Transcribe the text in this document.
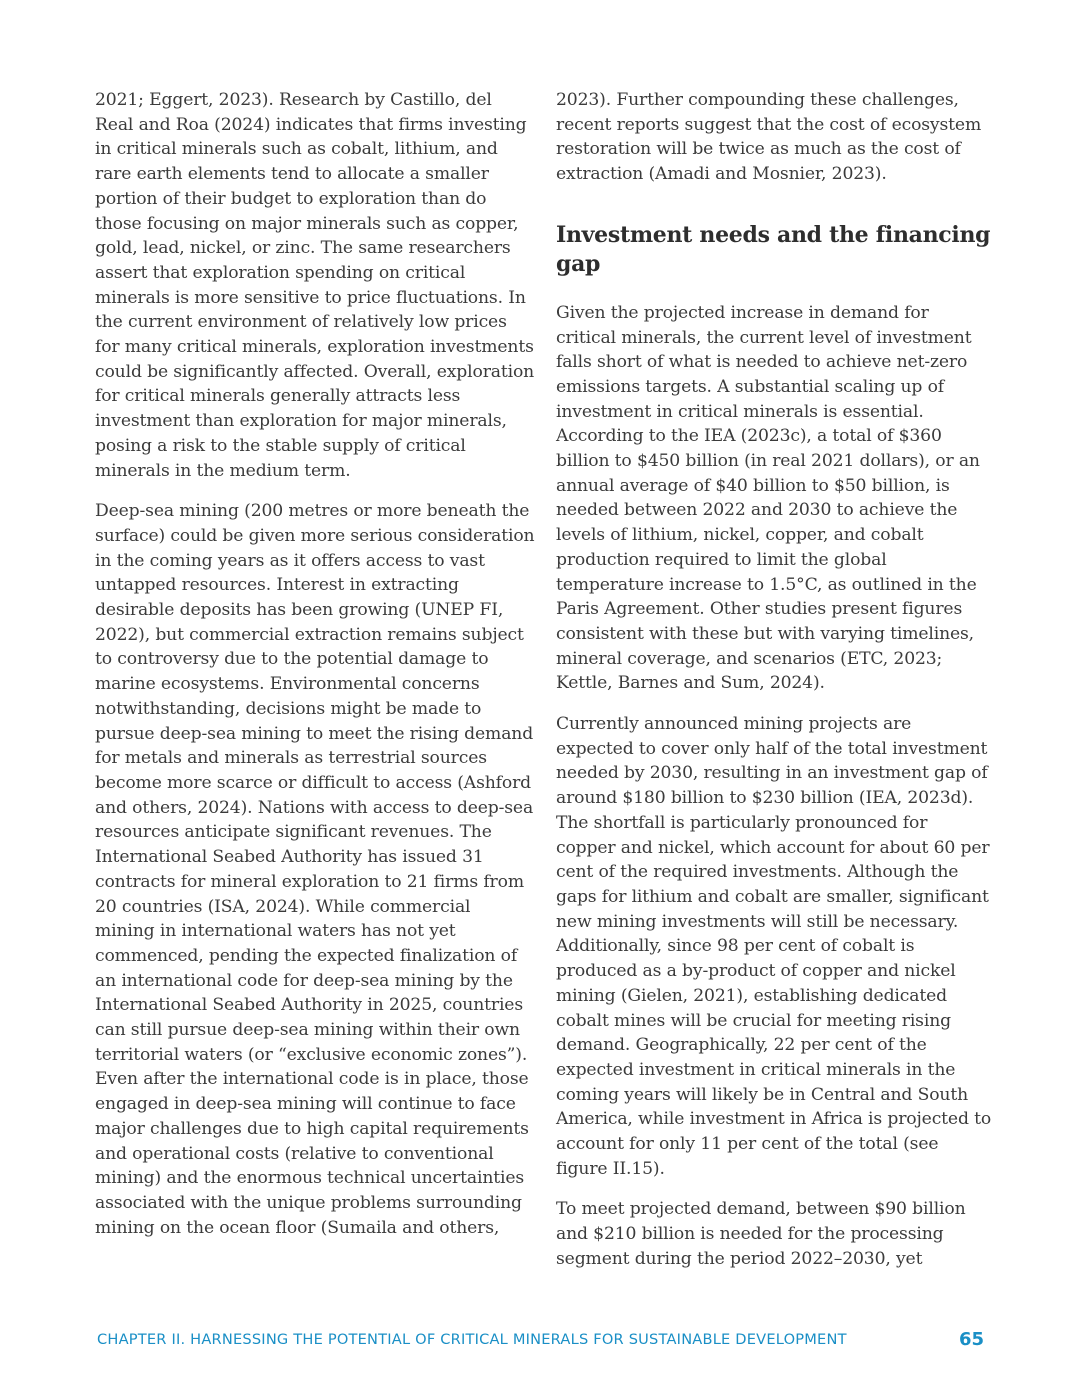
2021; Eggert, 2023). Research by Castillo, del Real and Roa (2024) indicates that firms investing in critical minerals such as cobalt, lithium, and rare earth elements tend to allocate a smaller portion of their budget to exploration than do those focusing on major minerals such as copper, gold, lead, nickel, or zinc. The same researchers assert that exploration spending on critical minerals is more sensitive to price fluctuations. In the current environment of relatively low prices for many critical minerals, exploration investments could be significantly affected. Overall, exploration for critical minerals generally attracts less investment than exploration for major minerals, posing a risk to the stable supply of critical minerals in the medium term.

Deep-sea mining (200 metres or more beneath the surface) could be given more serious consideration in the coming years as it offers access to vast untapped resources. Interest in extracting desirable deposits has been growing (UNEP FI, 2022), but commercial extraction remains subject to controversy due to the potential damage to marine ecosystems. Environmental concerns notwithstanding, decisions might be made to pursue deep-sea mining to meet the rising demand for metals and minerals as terrestrial sources become more scarce or difficult to access (Ashford and others, 2024). Nations with access to deep-sea resources anticipate significant revenues. The International Seabed Authority has issued 31 contracts for mineral exploration to 21 firms from 20 countries (ISA, 2024). While commercial mining in international waters has not yet commenced, pending the expected finalization of an international code for deep-sea mining by the International Seabed Authority in 2025, countries can still pursue deep-sea mining within their own territorial waters (or “exclusive economic zones”). Even after the international code is in place, those engaged in deep-sea mining will continue to face major challenges due to high capital requirements and operational costs (relative to conventional mining) and the enormous technical uncertainties associated with the unique problems surrounding mining on the ocean floor (Sumaila and others,

2023). Further compounding these challenges, recent reports suggest that the cost of ecosystem restoration will be twice as much as the cost of extraction (Amadi and Mosnier, 2023).

Investment needs and the financing gap

Given the projected increase in demand for critical minerals, the current level of investment falls short of what is needed to achieve net-zero emissions targets. A substantial scaling up of investment in critical minerals is essential. According to the IEA (2023c), a total of $360 billion to $450 billion (in real 2021 dollars), or an annual average of $40 billion to $50 billion, is needed between 2022 and 2030 to achieve the levels of lithium, nickel, copper, and cobalt production required to limit the global temperature increase to 1.5°C, as outlined in the Paris Agreement. Other studies present figures consistent with these but with varying timelines, mineral coverage, and scenarios (ETC, 2023; Kettle, Barnes and Sum, 2024).

Currently announced mining projects are expected to cover only half of the total investment needed by 2030, resulting in an investment gap of around $180 billion to $230 billion (IEA, 2023d). The shortfall is particularly pronounced for copper and nickel, which account for about 60 per cent of the required investments. Although the gaps for lithium and cobalt are smaller, significant new mining investments will still be necessary. Additionally, since 98 per cent of cobalt is produced as a by-product of copper and nickel mining (Gielen, 2021), establishing dedicated cobalt mines will be crucial for meeting rising demand. Geographically, 22 per cent of the expected investment in critical minerals in the coming years will likely be in Central and South America, while investment in Africa is projected to account for only 11 per cent of the total (see figure II.15).

To meet projected demand, between $90 billion and $210 billion is needed for the processing segment during the period 2022–2030, yet

CHAPTER II. HARNESSING THE POTENTIAL OF CRITICAL MINERALS FOR SUSTAINABLE DEVELOPMENT	65
